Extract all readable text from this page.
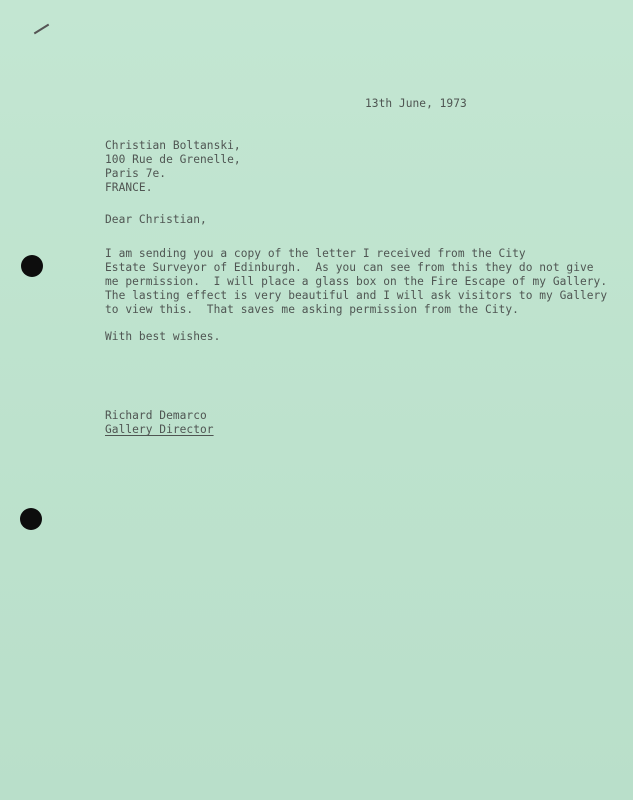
13th June, 1973
Christian Boltanski,
100 Rue de Grenelle,
Paris 7e.
FRANCE.
Dear Christian,
I am sending you a copy of the letter I received from the City
Estate Surveyor of Edinburgh.  As you can see from this they do not give
me permission.  I will place a glass box on the Fire Escape of my Gallery.
The lasting effect is very beautiful and I will ask visitors to my Gallery
to view this.  That saves me asking permission from the City.
With best wishes.
Richard Demarco
Gallery Director
